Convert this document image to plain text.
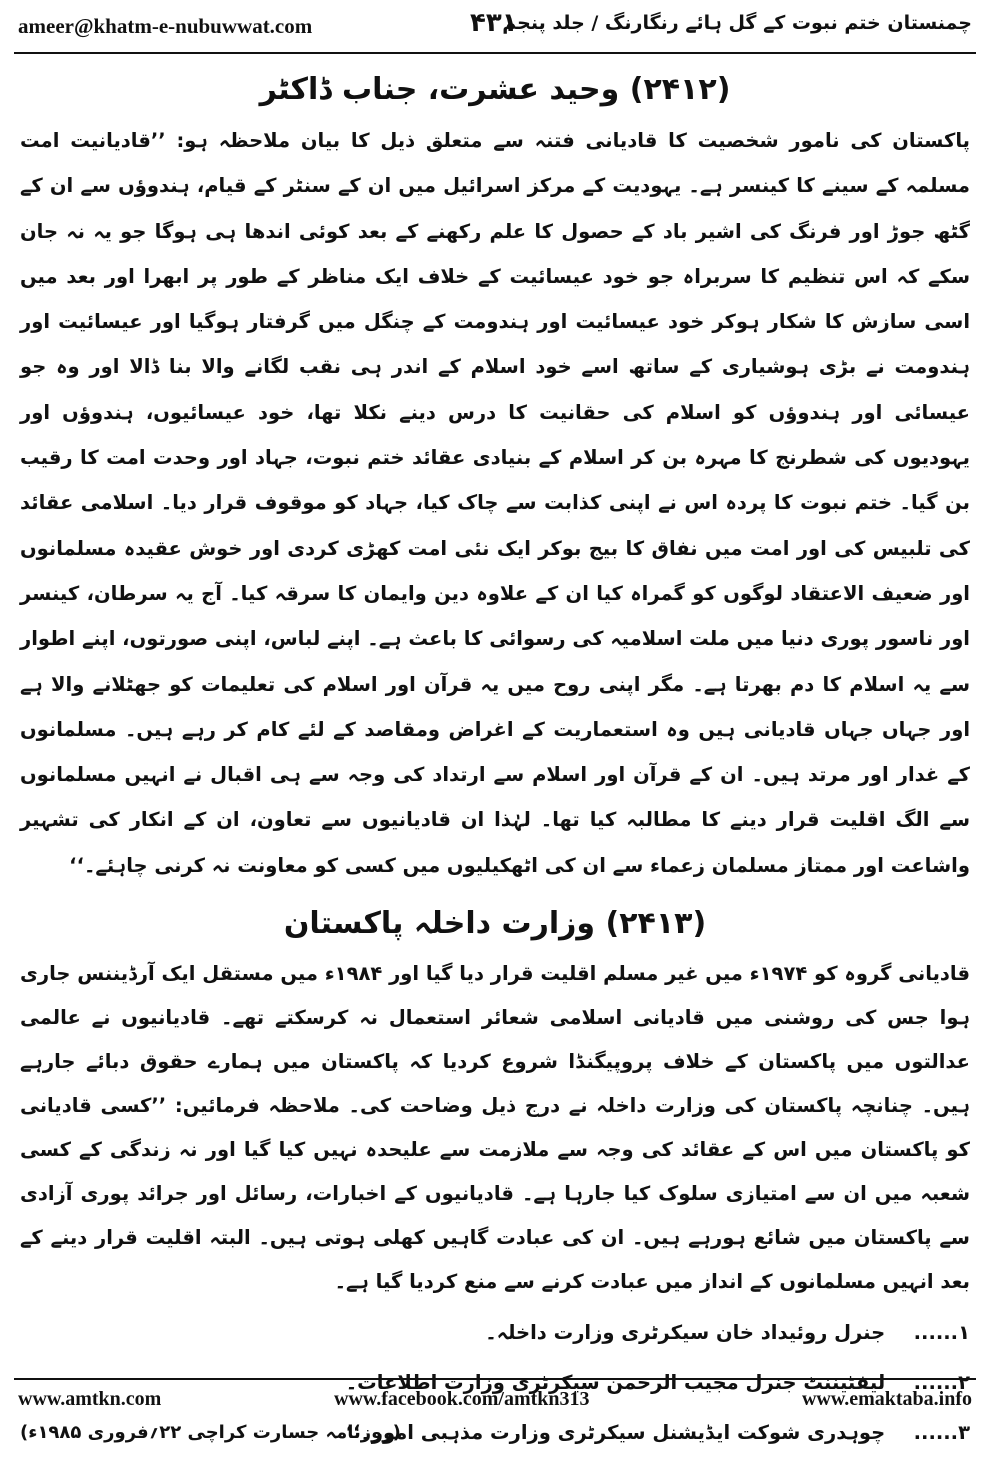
ameer@khatm-e-nubuwwat.com	۴۳۱
چمنستان ختم نبوت کے گل ہائے رنگارنگ / جلد پنجم
(۲۴۱۲) وحید عشرت، جناب ڈاکٹر

پاکستان کی نامور شخصیت کا قادیانی فتنہ سے متعلق ذیل کا بیان ملاحظہ ہو: ’’قادیانیت امت مسلمہ کے سینے کا کینسر ہے۔ یہودیت کے مرکز اسرائیل میں ان کے سنٹر کے قیام، ہندوؤں سے ان کے گٹھ جوڑ اور فرنگ کی اشیر باد کے حصول کا علم رکھنے کے بعد کوئی اندھا ہی ہوگا جو یہ نہ جان سکے کہ اس تنظیم کا سربراہ جو خود عیسائیت کے خلاف ایک مناظر کے طور پر ابھرا اور بعد میں اسی سازش کا شکار ہوکر خود عیسائیت اور ہندومت کے چنگل میں گرفتار ہوگیا اور عیسائیت اور ہندومت نے بڑی ہوشیاری کے ساتھ اسے خود اسلام کے اندر ہی نقب لگانے والا بنا ڈالا اور وہ جو عیسائی اور ہندوؤں کو اسلام کی حقانیت کا درس دینے نکلا تھا، خود عیسائیوں، ہندوؤں اور یہودیوں کی شطرنج کا مہرہ بن کر اسلام کے بنیادی عقائد ختم نبوت، جہاد اور وحدت امت کا رقیب بن گیا۔ ختم نبوت کا پردہ اس نے اپنی کذابت سے چاک کیا، جہاد کو موقوف قرار دیا۔ اسلامی عقائد کی تلبیس کی اور امت میں نفاق کا بیج بوکر ایک نئی امت کھڑی کردی اور خوش عقیدہ مسلمانوں اور ضعیف الاعتقاد لوگوں کو گمراہ کیا ان کے علاوہ دین وایمان کا سرقہ کیا۔ آج یہ سرطان، کینسر اور ناسور پوری دنیا میں ملت اسلامیہ کی رسوائی کا باعث ہے۔ اپنے لباس، اپنی صورتوں، اپنے اطوار سے یہ اسلام کا دم بھرتا ہے۔ مگر اپنی روح میں یہ قرآن اور اسلام کی تعلیمات کو جھٹلانے والا ہے اور جہاں جہاں قادیانی ہیں وہ استعماریت کے اغراض ومقاصد کے لئے کام کر رہے ہیں۔ مسلمانوں کے غدار اور مرتد ہیں۔ ان کے قرآن اور اسلام سے ارتداد کی وجہ سے ہی اقبال نے انہیں مسلمانوں سے الگ اقلیت قرار دینے کا مطالبہ کیا تھا۔ لہٰذا ان قادیانیوں سے تعاون، ان کے انکار کی تشہیر واشاعت اور ممتاز مسلمان زعماء سے ان کی اٹھکیلیوں میں کسی کو معاونت نہ کرنی چاہئے۔‘‘

(۲۴۱۳) وزارت داخلہ پاکستان

قادیانی گروہ کو ۱۹۷۴ء میں غیر مسلم اقلیت قرار دیا گیا اور ۱۹۸۴ء میں مستقل ایک آرڈیننس جاری ہوا جس کی روشنی میں قادیانی اسلامی شعائر استعمال نہ کرسکتے تھے۔ قادیانیوں نے عالمی عدالتوں میں پاکستان کے خلاف پروپیگنڈا شروع کردیا کہ پاکستان میں ہمارے حقوق دبائے جارہے ہیں۔ چنانچہ پاکستان کی وزارت داخلہ نے درج ذیل وضاحت کی۔ ملاحظہ فرمائیں: ’’کسی قادیانی کو پاکستان میں اس کے عقائد کی وجہ سے ملازمت سے علیحدہ نہیں کیا گیا اور نہ زندگی کے کسی شعبہ میں ان سے امتیازی سلوک کیا جارہا ہے۔ قادیانیوں کے اخبارات، رسائل اور جرائد پوری آزادی سے پاکستان میں شائع ہورہے ہیں۔ ان کی عبادت گاہیں کھلی ہوتی ہیں۔ البتہ اقلیت قرار دینے کے بعد انہیں مسلمانوں کے انداز میں عبادت کرنے سے منع کردیا گیا ہے۔

۱...... جنرل روئیداد خان سیکرٹری وزارت داخلہ۔
۲...... لیفٹیننٹ جنرل مجیب الرحمن سیکرٹری وزارت اطلاعات۔
۳...... چوہدری شوکت ایڈیشنل سیکرٹری وزارت مذہبی امور۔‘‘
(روزنامہ جسارت کراچی ۲۲؍فروری ۱۹۸۵ء)
www.amtkn.com	www.facebook.com/amtkn313	www.emaktaba.info
